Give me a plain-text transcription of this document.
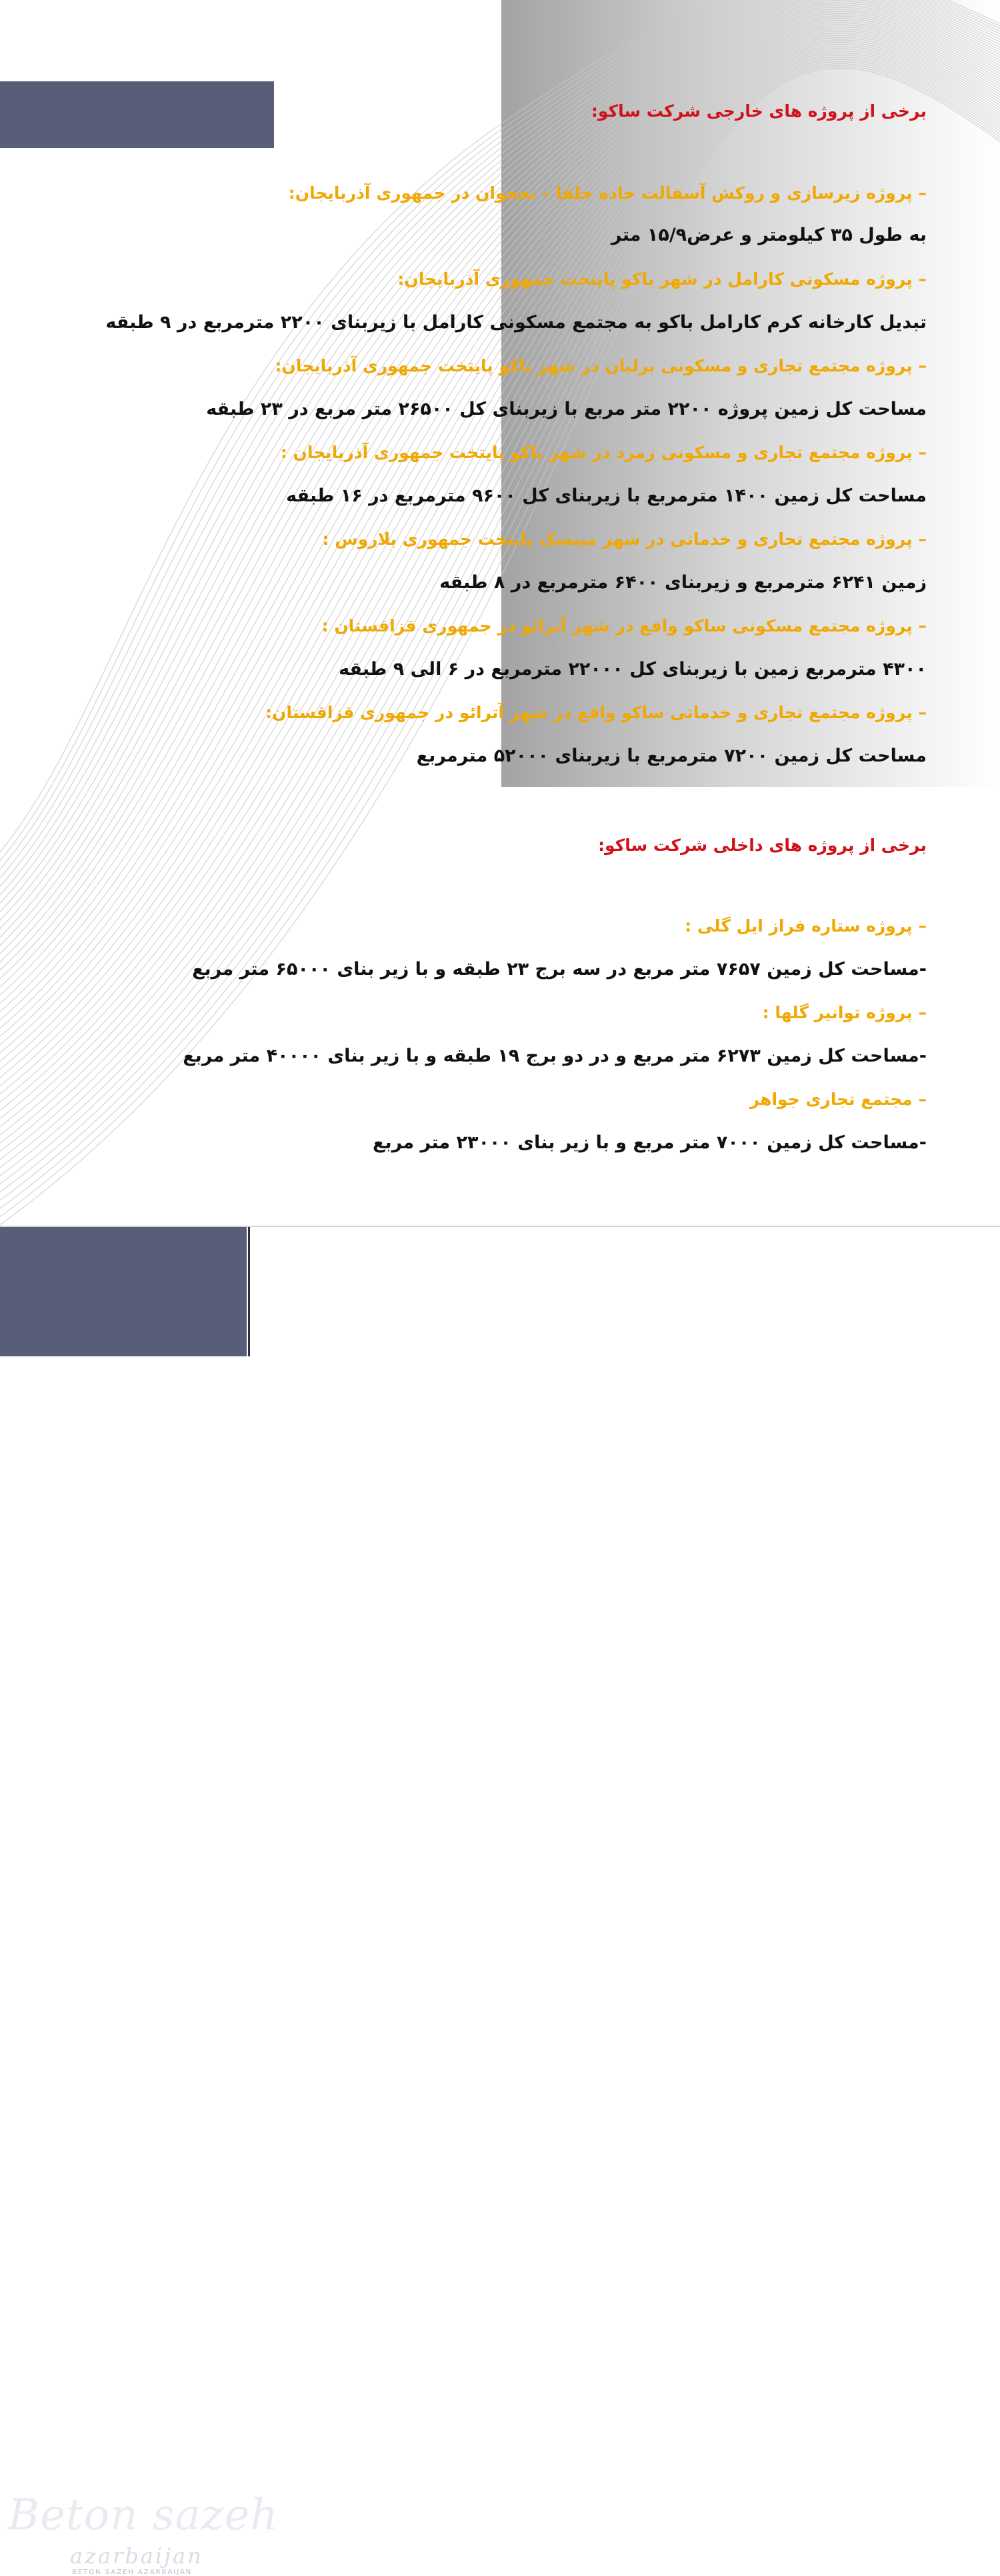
برخی از پروژه های خارجی شرکت ساکو:
– پروژه زیرسازی و روکش آسفالت جاده جلفا – نخجوان در جمهوری آذربایجان:
به طول ۳۵ کیلومتر و عرض۱۵/۹ متر
– پروژه مسکونی کارامل در شهر باکو پایتخت جمهوری آذربایجان:
تبدیل کارخانه کرم کارامل باکو به مجتمع مسکونی کارامل با زیربنای ۲۲۰۰ مترمربع در ۹ طبقه
– پروژه مجتمع تجاری و مسکونی برلیان در شهر باکو پایتخت جمهوری آذربایجان:
مساحت کل زمین پروژه ۲۲۰۰ متر مربع با زیربنای کل ۲۶۵۰۰ متر مربع در ۲۳ طبقه
– پروژه مجتمع تجاری و مسکونی زمرد در شهر باکو پایتخت جمهوری آذربایجان :
مساحت کل زمین ۱۴۰۰ مترمربع با زیربنای کل ۹۶۰۰ مترمربع در ۱۶ طبقه
– پروژه مجتمع تجاری و خدماتی در شهر مینسک پایتخت جمهوری بلاروس :
زمین ۶۲۴۱ مترمربع و زیربنای ۶۴۰۰ مترمربع در ۸ طبقه
– پروژه مجتمع مسکونی ساکو واقع در شهر آترائو در جمهوری قزاقستان :
۴۳۰۰ مترمربع زمین با زیربنای کل ۲۲۰۰۰ مترمربع در ۶ الی ۹ طبقه
– پروژه مجتمع تجاری و خدماتی ساکو واقع در شهر آترائو در جمهوری قزاقستان:
مساحت کل زمین ۷۲۰۰ مترمربع با زیربنای ۵۲۰۰۰ مترمربع
برخی از پروژه های داخلی شرکت ساکو:
– پروژه ستاره فراز ایل گلی :
-مساحت کل زمین ۷۶۵۷ متر مربع در سه برج ۲۳ طبقه و با زیر بنای ۶۵۰۰۰ متر مربع
– پروژه توانیر گلها :
-مساحت کل زمین ۶۲۷۳ متر مربع و در دو برج ۱۹ طبقه و با زیر بنای ۴۰۰۰۰ متر مربع
– مجتمع تجاری جواهر
-مساحت کل زمین ۷۰۰۰ متر مربع و با زیر بنای ۲۳۰۰۰ متر مربع
Beton sazeh
azarbaijan
BETON SAZEH AZARBAIJAN
